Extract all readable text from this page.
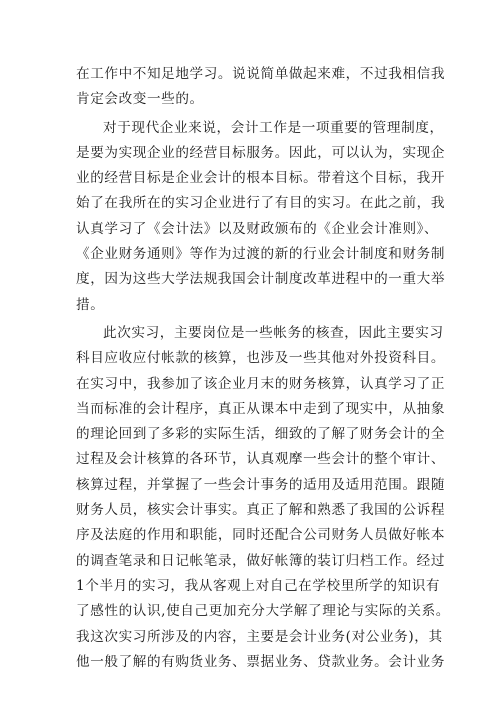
在工作中不知足地学习。说说简单做起来难，不过我相信我
肯定会改变一些的。
对于现代企业来说，会计工作是一项重要的管理制度，
是要为实现企业的经营目标服务。因此，可以认为，实现企
业的经营目标是企业会计的根本目标。带着这个目标，我开
始了在我所在的实习企业进行了有目的实习。在此之前，我
认真学习了《会计法》以及财政颁布的《企业会计准则》、
《企业财务通则》等作为过渡的新的行业会计制度和财务制
度，因为这些大学法规我国会计制度改革进程中的一重大举
措。
此次实习，主要岗位是一些帐务的核查，因此主要实习
科目应收应付帐款的核算，也涉及一些其他对外投资科目。
在实习中，我参加了该企业月末的财务核算，认真学习了正
当而标准的会计程序，真正从课本中走到了现实中，从抽象
的理论回到了多彩的实际生活，细致的了解了财务会计的全
过程及会计核算的各环节，认真观摩一些会计的整个审计、
核算过程，并掌握了一些会计事务的适用及适用范围。跟随
财务人员，核实会计事实。真正了解和熟悉了我国的公诉程
序及法庭的作用和职能，同时还配合公司财务人员做好帐本
的调查笔录和日记帐笔录，做好帐簿的装订归档工作。经过
1个半月的实习，我从客观上对自己在学校里所学的知识有
了感性的认识,使自己更加充分大学解了理论与实际的关系。
我这次实习所涉及的内容，主要是会计业务(对公业务)，其
他一般了解的有购货业务、票据业务、贷款业务。会计业务
